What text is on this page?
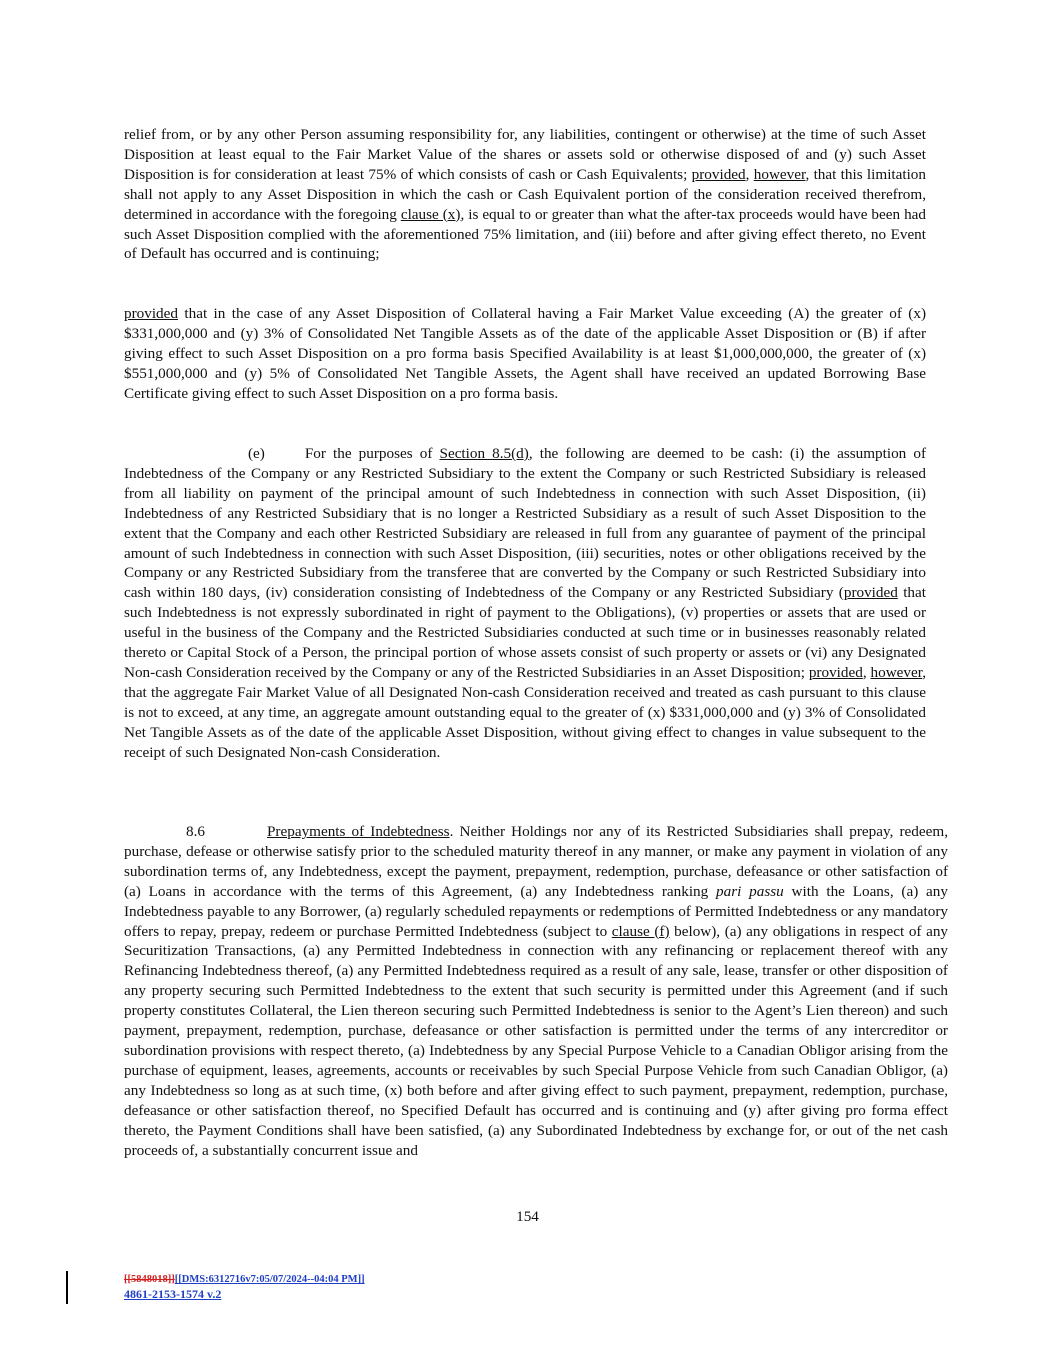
relief from, or by any other Person assuming responsibility for, any liabilities, contingent or otherwise) at the time of such Asset Disposition at least equal to the Fair Market Value of the shares or assets sold or otherwise disposed of and (y) such Asset Disposition is for consideration at least 75% of which consists of cash or Cash Equivalents; provided, however, that this limitation shall not apply to any Asset Disposition in which the cash or Cash Equivalent portion of the consideration received therefrom, determined in accordance with the foregoing clause (x), is equal to or greater than what the after-tax proceeds would have been had such Asset Disposition complied with the aforementioned 75% limitation, and (iii) before and after giving effect thereto, no Event of Default has occurred and is continuing;

provided that in the case of any Asset Disposition of Collateral having a Fair Market Value exceeding (A) the greater of (x) $331,000,000 and (y) 3% of Consolidated Net Tangible Assets as of the date of the applicable Asset Disposition or (B) if after giving effect to such Asset Disposition on a pro forma basis Specified Availability is at least $1,000,000,000, the greater of (x) $551,000,000 and (y) 5% of Consolidated Net Tangible Assets, the Agent shall have received an updated Borrowing Base Certificate giving effect to such Asset Disposition on a pro forma basis.

(e)	For the purposes of Section 8.5(d), the following are deemed to be cash: (i) the assumption of Indebtedness of the Company or any Restricted Subsidiary to the extent the Company or such Restricted Subsidiary is released from all liability on payment of the principal amount of such Indebtedness in connection with such Asset Disposition, (ii) Indebtedness of any Restricted Subsidiary that is no longer a Restricted Subsidiary as a result of such Asset Disposition to the extent that the Company and each other Restricted Subsidiary are released in full from any guarantee of payment of the principal amount of such Indebtedness in connection with such Asset Disposition, (iii) securities, notes or other obligations received by the Company or any Restricted Subsidiary from the transferee that are converted by the Company or such Restricted Subsidiary into cash within 180 days, (iv) consideration consisting of Indebtedness of the Company or any Restricted Subsidiary (provided that such Indebtedness is not expressly subordinated in right of payment to the Obligations), (v) properties or assets that are used or useful in the business of the Company and the Restricted Subsidiaries conducted at such time or in businesses reasonably related thereto or Capital Stock of a Person, the principal portion of whose assets consist of such property or assets or (vi) any Designated Non-cash Consideration received by the Company or any of the Restricted Subsidiaries in an Asset Disposition; provided, however, that the aggregate Fair Market Value of all Designated Non-cash Consideration received and treated as cash pursuant to this clause is not to exceed, at any time, an aggregate amount outstanding equal to the greater of (x) $331,000,000 and (y) 3% of Consolidated Net Tangible Assets as of the date of the applicable Asset Disposition, without giving effect to changes in value subsequent to the receipt of such Designated Non-cash Consideration.

8.6	Prepayments of Indebtedness. Neither Holdings nor any of its Restricted Subsidiaries shall prepay, redeem, purchase, defease or otherwise satisfy prior to the scheduled maturity thereof in any manner, or make any payment in violation of any subordination terms of, any Indebtedness, except the payment, prepayment, redemption, purchase, defeasance or other satisfaction of (a) Loans in accordance with the terms of this Agreement, (a) any Indebtedness ranking pari passu with the Loans, (a) any Indebtedness payable to any Borrower, (a) regularly scheduled repayments or redemptions of Permitted Indebtedness or any mandatory offers to repay, prepay, redeem or purchase Permitted Indebtedness (subject to clause (f) below), (a) any obligations in respect of any Securitization Transactions, (a) any Permitted Indebtedness in connection with any refinancing or replacement thereof with any Refinancing Indebtedness thereof, (a) any Permitted Indebtedness required as a result of any sale, lease, transfer or other disposition of any property securing such Permitted Indebtedness to the extent that such security is permitted under this Agreement (and if such property constitutes Collateral, the Lien thereon securing such Permitted Indebtedness is senior to the Agent’s Lien thereon) and such payment, prepayment, redemption, purchase, defeasance or other satisfaction is permitted under the terms of any intercreditor or subordination provisions with respect thereto, (a) Indebtedness by any Special Purpose Vehicle to a Canadian Obligor arising from the purchase of equipment, leases, agreements, accounts or receivables by such Special Purpose Vehicle from such Canadian Obligor, (a) any Indebtedness so long as at such time, (x) both before and after giving effect to such payment, prepayment, redemption, purchase, defeasance or other satisfaction thereof, no Specified Default has occurred and is continuing and (y) after giving pro forma effect thereto, the Payment Conditions shall have been satisfied, (a) any Subordinated Indebtedness by exchange for, or out of the net cash proceeds of, a substantially concurrent issue and

154
[[5848018]][[DMS:6312716v7:05/07/2024--04:04 PM]]
4861-2153-1574 v.2
